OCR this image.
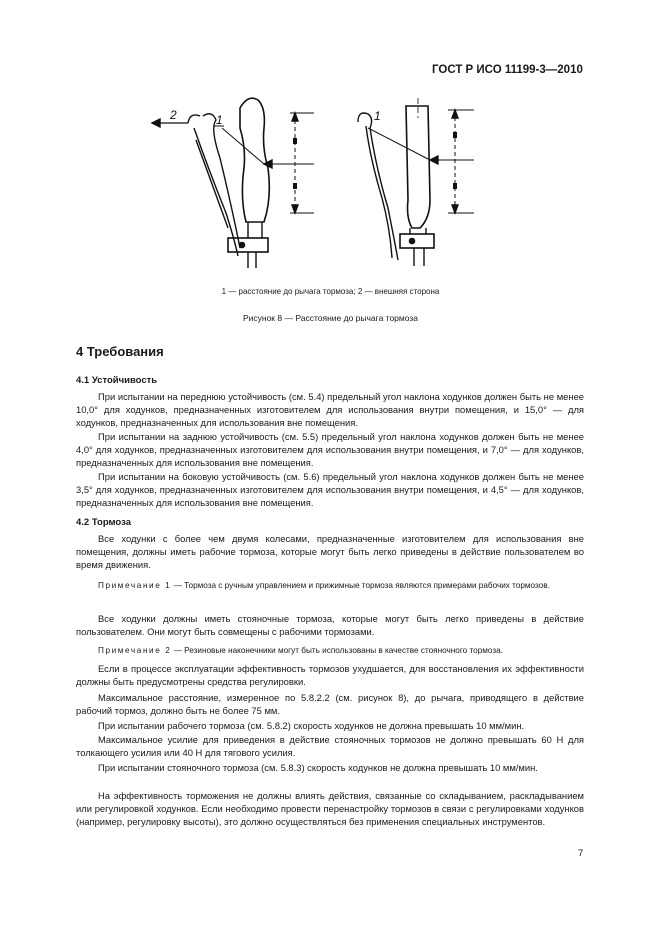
ГОСТ Р ИСО 11199-3—2010
2	1	1
1 — расстояние до рычага тормоза; 2 — внешняя сторона
Рисунок 8 — Расстояние до рычага тормоза
4 Требования
4.1 Устойчивость

При испытании на переднюю устойчивость (см. 5.4) предельный угол наклона ходунков должен быть не менее 10,0° для ходунков, предназначенных изготовителем для использования внутри помещения, и 15,0° — для ходунков, предназначенных для использования вне помещения.

При испытании на заднюю устойчивость (см. 5.5) предельный угол наклона ходунков должен быть не менее 4,0° для ходунков, предназначенных изготовителем для использования внутри помещения, и 7,0° — для ходунков, предназначенных для использования вне помещения.

При испытании на боковую устойчивость (см. 5.6) предельный угол наклона ходунков должен быть не менее 3,5° для ходунков, предназначенных изготовителем для использования внутри помещения, и 4,5° — для ходунков, предназначенных для использования вне помещения.

4.2 Тормоза

Все ходунки с более чем двумя колесами, предназначенные изготовителем для использования вне помещения, должны иметь рабочие тормоза, которые могут быть легко приведены в действие пользователем во время движения.

Примечание 1 — Тормоза с ручным управлением и прижимные тормоза являются примерами рабочих тормозов.

Все ходунки должны иметь стояночные тормоза, которые могут быть легко приведены в действие пользователем. Они могут быть совмещены с рабочими тормозами.

Примечание 2 — Резиновые наконечники могут быть использованы в качестве стояночного тормоза.

Если в процессе эксплуатации эффективность тормозов ухудшается, для восстановления их эффективности должны быть предусмотрены средства регулировки.

Максимальное расстояние, измеренное по 5.8.2.2 (см. рисунок 8), до рычага, приводящего в действие рабочий тормоз, должно быть не более 75 мм.

При испытании рабочего тормоза (см. 5.8.2) скорость ходунков не должна превышать 10 мм/мин.

Максимальное усилие для приведения в действие стояночных тормозов не должно превышать 60 Н для толкающего усилия или 40 Н для тягового усилия.

При испытании стояночного тормоза (см. 5.8.3) скорость ходунков не должна превышать 10 мм/мин.

На эффективность торможения не должны влиять действия, связанные со складыванием, раскладыванием или регулировкой ходунков. Если необходимо провести перенастройку тормозов в связи с регулировками ходунков (например, регулировку высоты), это должно осуществляться без применения специальных инструментов.

7
